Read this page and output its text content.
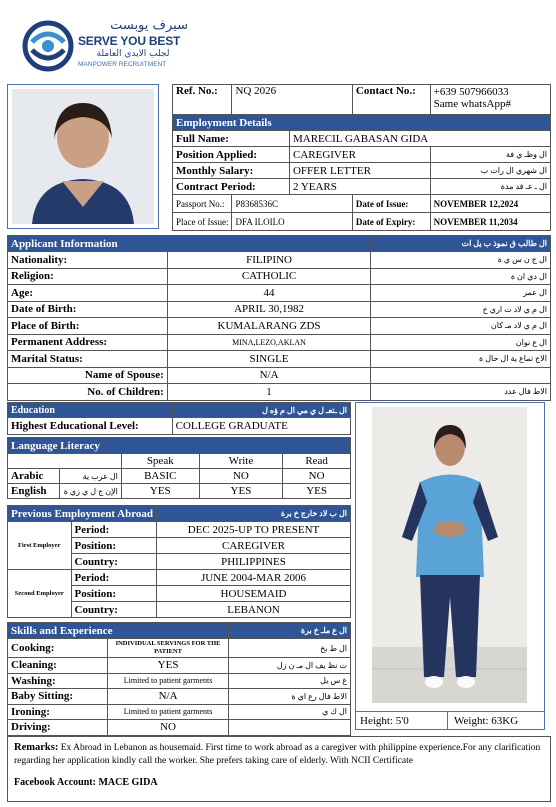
سيرف يوبست
SERVE YOU BEST
لجلب الايدي العاملة
MANPOWER RECRUITMENT
Ref. No.:	NQ 2026		Contact No.:	+639 507966033
Same whatsApp#

Employment Details				
Full Name:		MARECIL GABASAN GIDA		
Position Applied:		CAREGIVER		ال وظـ ي فة
Monthly Salary:		OFFER LETTER		ال شهري ال رات ب
Contract Period:		2 YEARS		ال ـ عـ قد مدة
Passport No.:	P8368536C		Date of Issue:	NOVEMBER 12,2024
Place of Issue:	DFA ILOILO		Date of Expiry:	NOVEMBER 11,2034
Applicant Information		ال طالب ق نموذ ب يل ات
Nationality:	FILIPINO	ال ج ن س ي ة
Religion:	CATHOLIC	ال دي ان ة
Age:	44	ال عمر
Date of Birth:	APRIL 30,1982	ال م ي لاد ت اري خ
Place of Birth:	KUMALARANG ZDS	ال م ي لاد مـ كان
Permanent Address:	MINA,LEZO,AKLAN	ال ع نوان
Marital Status:	SINGLE	الاج تماع ية ال حال ة
Name of Spouse:	N/A	
No. of Children:	1	الاط فال عدد
Education	ال ـتعـ ل ي مي ال م ؤه ل
Highest Educational Level:	COLLEGE GRADUATE
Language Literacy				
		Speak	Write	Read
Arabic	ال عرب ية	BASIC	NO	NO
English	الإن ج ل ي زي ة	YES	YES	YES
Previous Employment Abroad		ال ب لاد خارج خ برة
First Employer	Period:	DEC 2025-UP TO PRESENT
	Position:	CAREGIVER
	Country:	PHILIPPINES
Second Employer	Period:	JUNE 2004-MAR 2006
	Position:	HOUSEMAID
	Country:	LEBANON
Skills and Experience		ال ع ملـ خ برة
Cooking:	INDIVIDUAL SERVINGS FOR THE PATIENT	ال ط بخ
Cleaning:	YES	ت نظ يف ال مـ ن زل
Washing:	Limited to patient garments	غ س يل
Baby Sitting:	N/A	الاط فال رع اي ة
Ironing:	Limited to patient garments	ال ك ي
Driving:	NO	
Height: 5'0	Weight: 63KG
Remarks: Ex Abroad in Lebanon as housemaid. First time to work abroad as a caregiver with philippine experience.For any clarification regarding her application kindly call the worker. She prefers taking care of elderly. With NCII Certificate
Facebook Account: MACE GIDA
